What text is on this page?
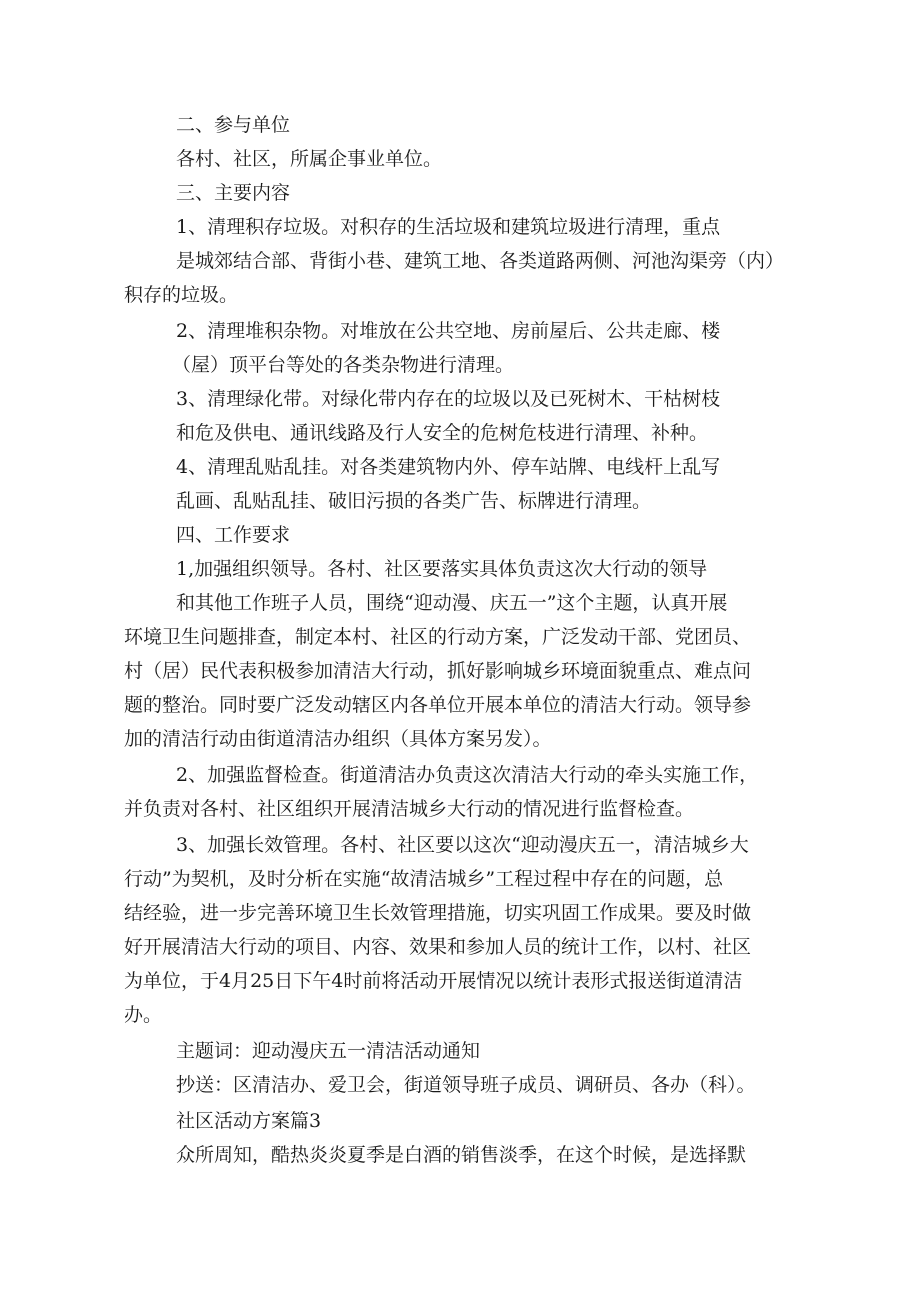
二、参与单位
各村、社区，所属企事业单位。
三、主要内容
1、清理积存垃圾。对积存的生活垃圾和建筑垃圾进行清理，重点
是城郊结合部、背街小巷、建筑工地、各类道路两侧、河池沟渠旁（内）
积存的垃圾。
2、清理堆积杂物。对堆放在公共空地、房前屋后、公共走廊、楼
（屋）顶平台等处的各类杂物进行清理。
3、清理绿化带。对绿化带内存在的垃圾以及已死树木、干枯树枝
和危及供电、通讯线路及行人安全的危树危枝进行清理、补种。
4、清理乱贴乱挂。对各类建筑物内外、停车站牌、电线杆上乱写
乱画、乱贴乱挂、破旧污损的各类广告、标牌进行清理。
四、工作要求
1,加强组织领导。各村、社区要落实具体负责这次大行动的领导
和其他工作班子人员，围绕“迎动漫、庆五一”这个主题，认真开展
环境卫生问题排查，制定本村、社区的行动方案，广泛发动干部、党团员、
村（居）民代表积极参加清洁大行动，抓好影响城乡环境面貌重点、难点问
题的整治。同时要广泛发动辖区内各单位开展本单位的清洁大行动。领导参
加的清洁行动由街道清洁办组织（具体方案另发）。
2、加强监督检查。街道清洁办负责这次清洁大行动的牵头实施工作，
并负责对各村、社区组织开展清洁城乡大行动的情况进行监督检查。
3、加强长效管理。各村、社区要以这次“迎动漫庆五一，清洁城乡大
行动”为契机，及时分析在实施“故清洁城乡”工程过程中存在的问题，总
结经验，进一步完善环境卫生长效管理措施，切实巩固工作成果。要及时做
好开展清洁大行动的项目、内容、效果和参加人员的统计工作，以村、社区
为单位，于4月25日下午4时前将活动开展情况以统计表形式报送街道清洁
办。
主题词：迎动漫庆五一清洁活动通知
抄送：区清洁办、爱卫会，街道领导班子成员、调研员、各办（科）。
社区活动方案篇3
众所周知，酷热炎炎夏季是白酒的销售淡季，在这个时候，是选择默
